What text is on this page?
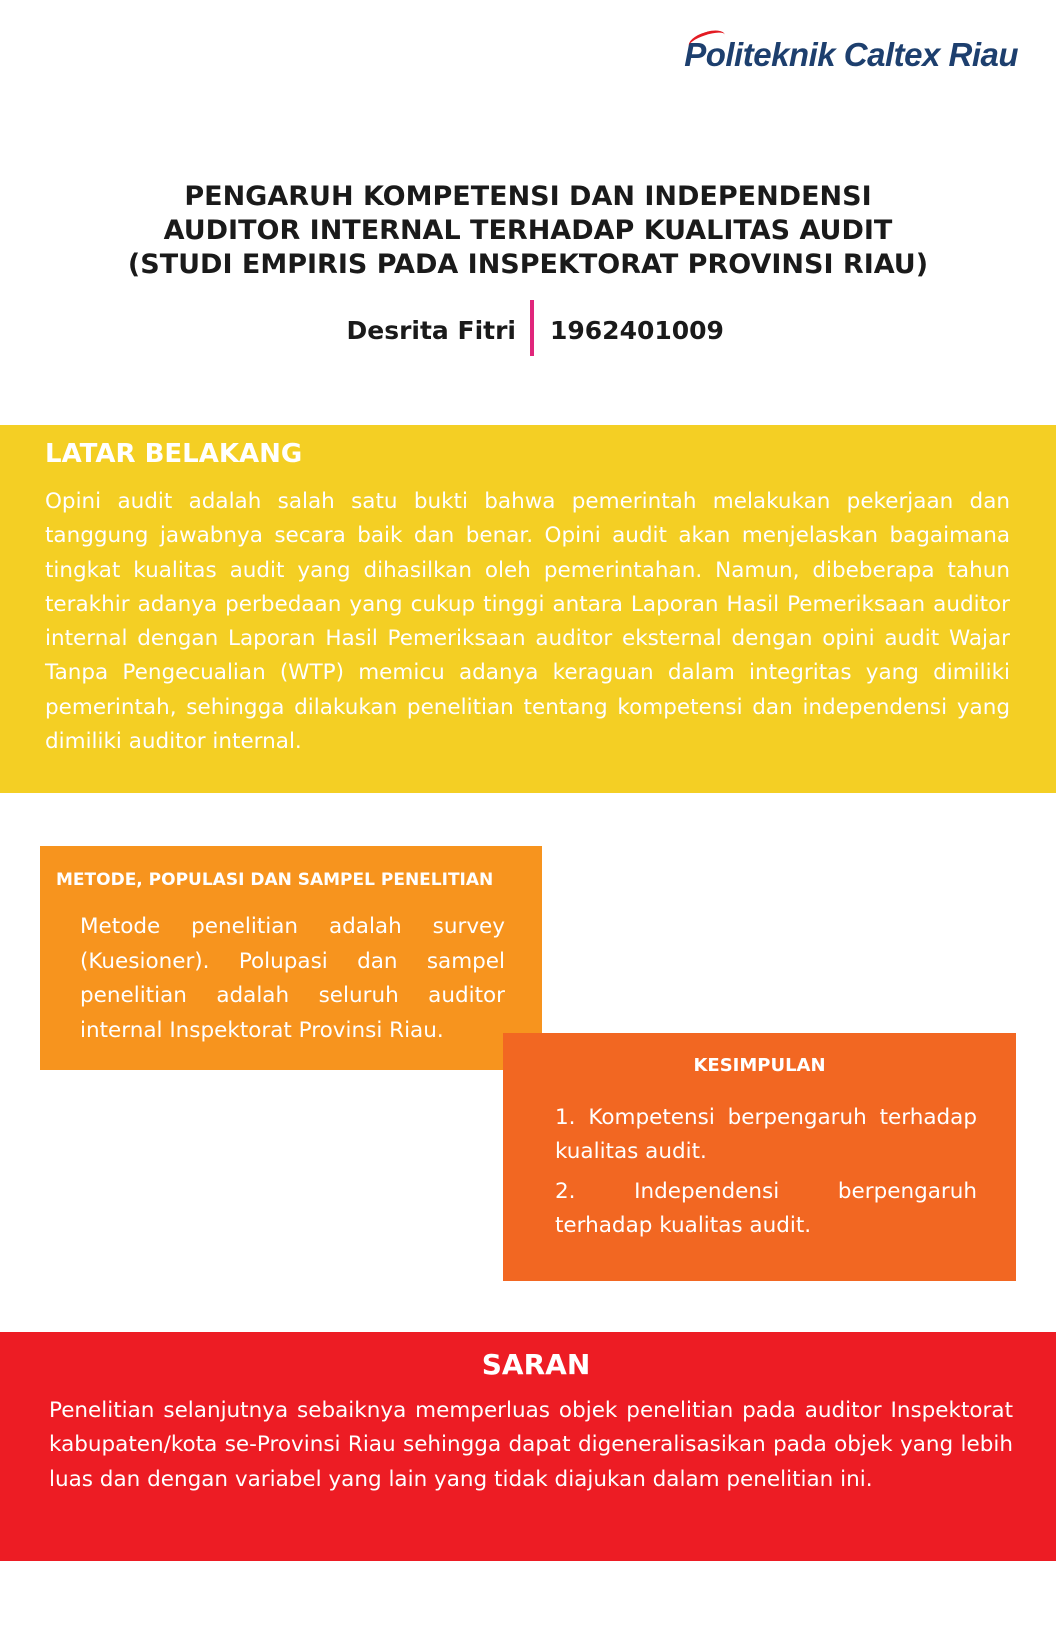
Politeknik Caltex Riau
PENGARUH KOMPETENSI DAN INDEPENDENSI
AUDITOR INTERNAL TERHADAP KUALITAS AUDIT
(STUDI EMPIRIS PADA INSPEKTORAT PROVINSI RIAU)
Desrita Fitri 1962401009
LATAR BELAKANG

Opini audit adalah salah satu bukti bahwa pemerintah melakukan pekerjaan dan tanggung jawabnya secara baik dan benar. Opini audit akan menjelaskan bagaimana tingkat kualitas audit yang dihasilkan oleh pemerintahan. Namun, dibeberapa tahun terakhir adanya perbedaan yang cukup tinggi antara Laporan Hasil Pemeriksaan auditor internal dengan Laporan Hasil Pemeriksaan auditor eksternal dengan opini audit Wajar Tanpa Pengecualian (WTP) memicu adanya keraguan dalam integritas yang dimiliki pemerintah, sehingga dilakukan penelitian tentang kompetensi dan independensi yang dimiliki auditor internal.

METODE, POPULASI DAN SAMPEL PENELITIAN

Metode penelitian adalah survey (Kuesioner). Polupasi dan sampel penelitian adalah seluruh auditor internal Inspektorat Provinsi Riau.

KESIMPULAN
1. Kompetensi berpengaruh terhadap kualitas audit.
2. Independensi berpengaruh terhadap kualitas audit.
SARAN

Penelitian selanjutnya sebaiknya memperluas objek penelitian pada auditor Inspektorat kabupaten/kota se-Provinsi Riau sehingga dapat digeneralisasikan pada objek yang lebih luas dan dengan variabel yang lain yang tidak diajukan dalam penelitian ini.
